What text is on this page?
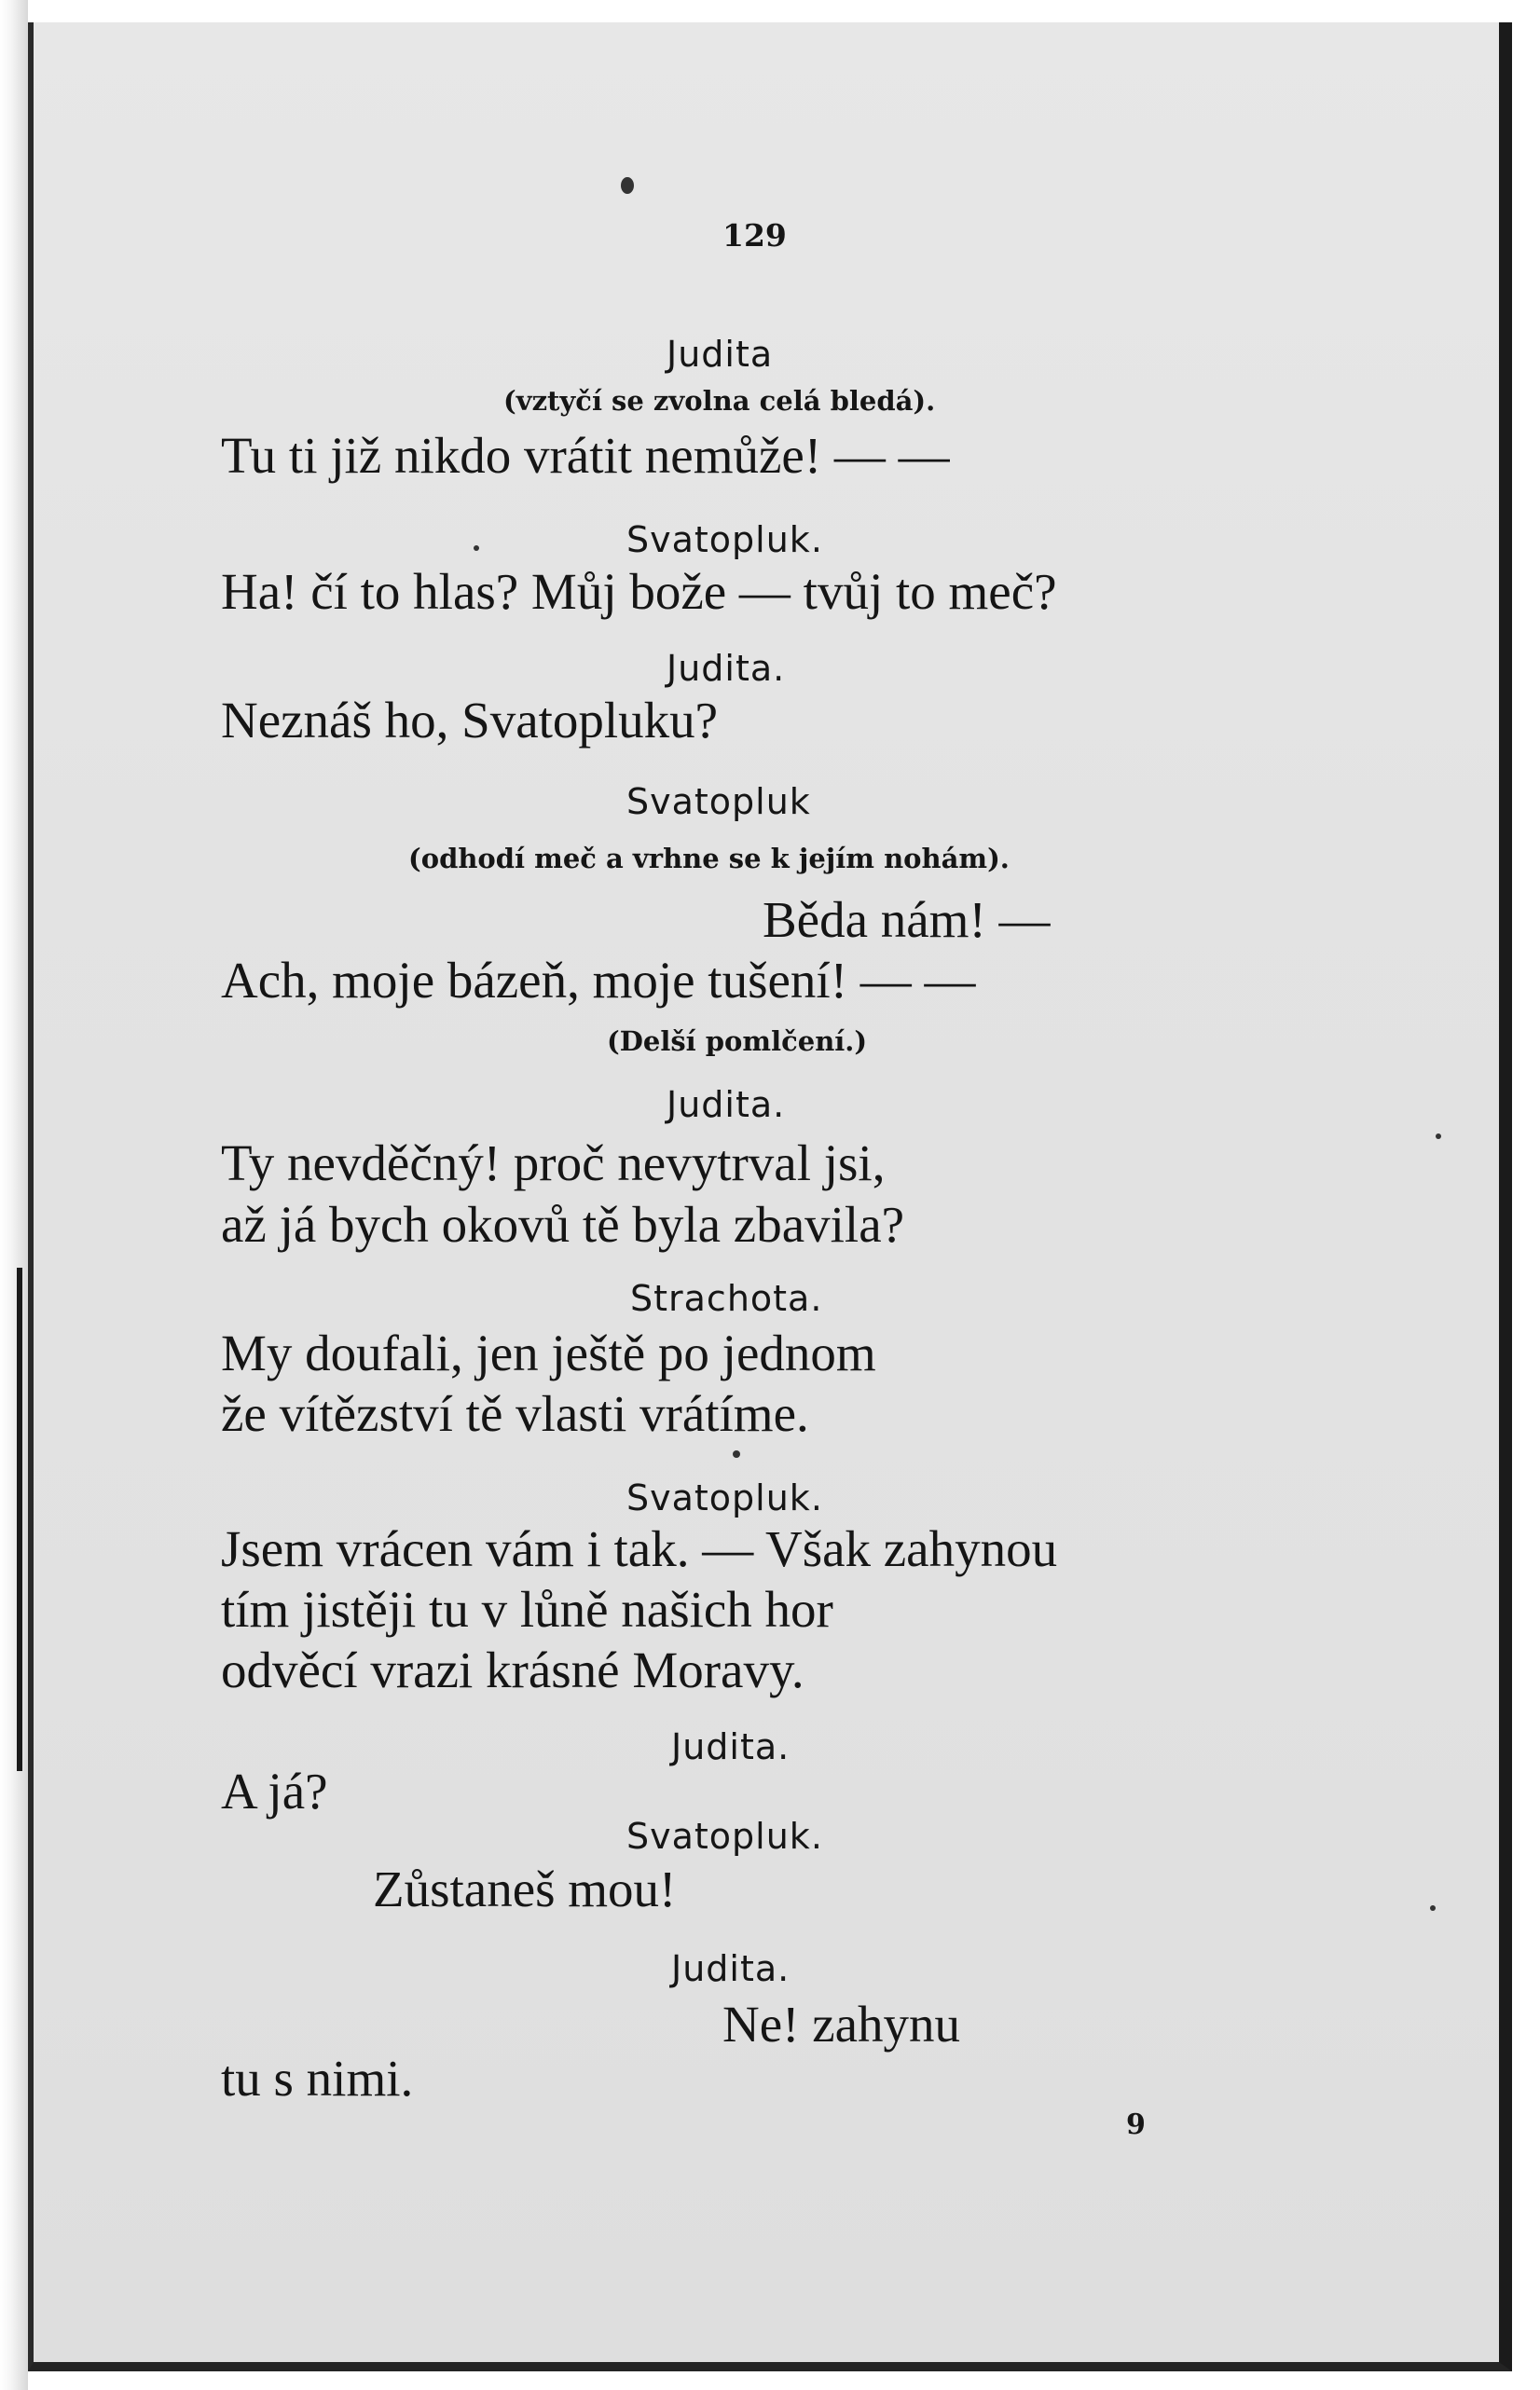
129
Judita
(vztyčí se zvolna celá bledá).
Tu ti již nikdo vrátit nemůže! — —
Svatopluk.
Ha! čí to hlas? Můj bože — tvůj to meč?
Judita.
Neznáš ho, Svatopluku?
Svatopluk
(odhodí meč a vrhne se k jejím nohám).
Běda nám! —
Ach, moje bázeň, moje tušení! — —
(Delší pomlčení.)
Judita.
Ty nevděčný! proč nevytrval jsi,
až já bych okovů tě byla zbavila?
Strachota.
My doufali, jen ještě po jednom
že vítězství tě vlasti vrátíme.
Svatopluk.
Jsem vrácen vám i tak. — Však zahynou
tím jistěji tu v lůně našich hor
odvěcí vrazi krásné Moravy.
Judita.
A já?
Svatopluk.
Zůstaneš mou!
Judita.
Ne! zahynu
tu s nimi.
9
